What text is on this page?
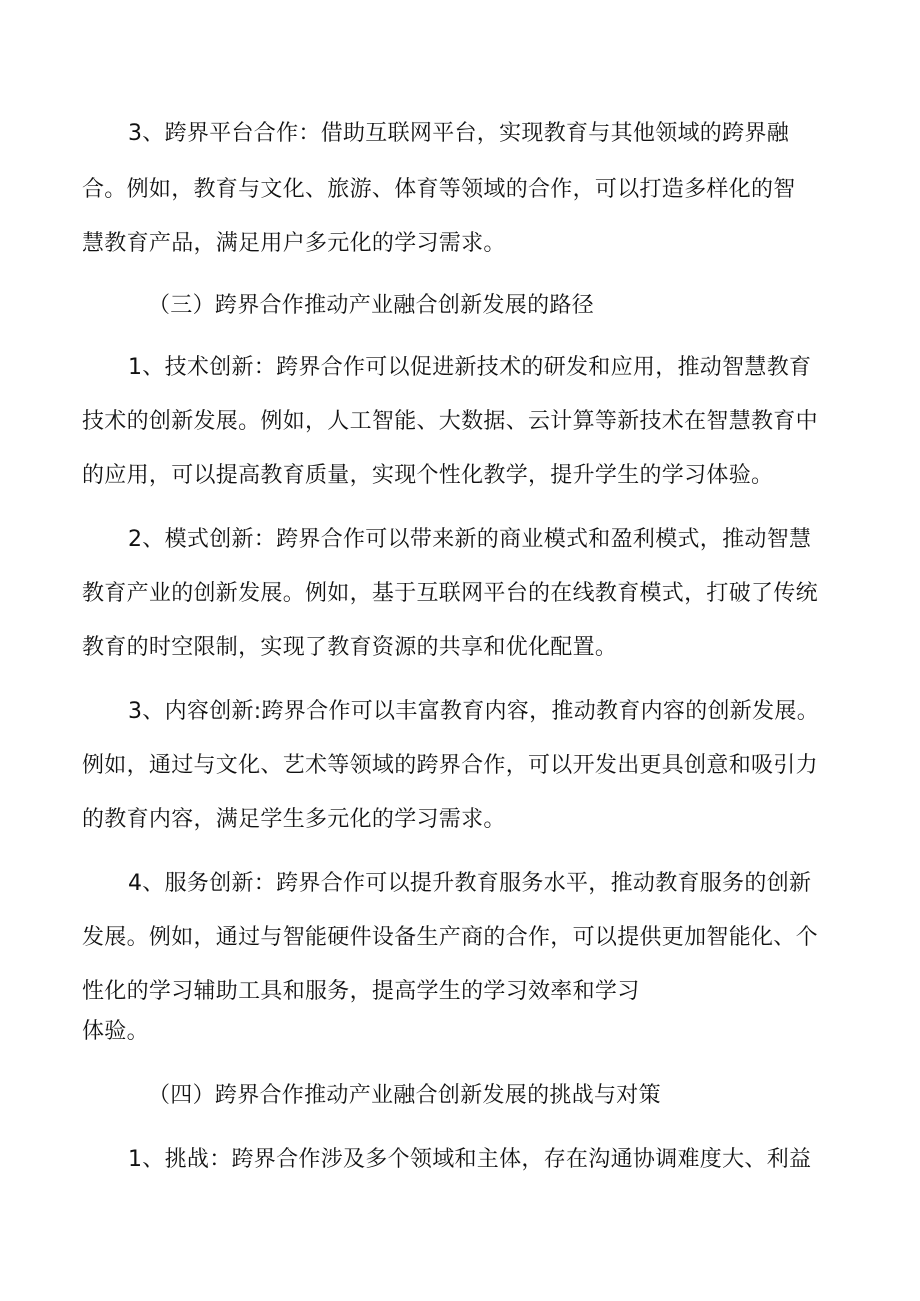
3、跨界平台合作：借助互联网平台，实现教育与其他领域的跨界融
合。例如，教育与文化、旅游、体育等领域的合作，可以打造多样化的智
慧教育产品，满足用户多元化的学习需求。
（三）跨界合作推动产业融合创新发展的路径
1、技术创新：跨界合作可以促进新技术的研发和应用，推动智慧教育
技术的创新发展。例如，人工智能、大数据、云计算等新技术在智慧教育中
的应用，可以提高教育质量，实现个性化教学，提升学生的学习体验。
2、模式创新：跨界合作可以带来新的商业模式和盈利模式，推动智慧
教育产业的创新发展。例如，基于互联网平台的在线教育模式，打破了传统
教育的时空限制，实现了教育资源的共享和优化配置。
3、内容创新:跨界合作可以丰富教育内容，推动教育内容的创新发展。
例如，通过与文化、艺术等领域的跨界合作，可以开发出更具创意和吸引力
的教育内容，满足学生多元化的学习需求。
4、服务创新：跨界合作可以提升教育服务水平，推动教育服务的创新
发展。例如，通过与智能硬件设备生产商的合作，可以提供更加智能化、个
性化的学习辅助工具和服务，提高学生的学习效率和学习
体验。
（四）跨界合作推动产业融合创新发展的挑战与对策
1、挑战：跨界合作涉及多个领域和主体，存在沟通协调难度大、利益
